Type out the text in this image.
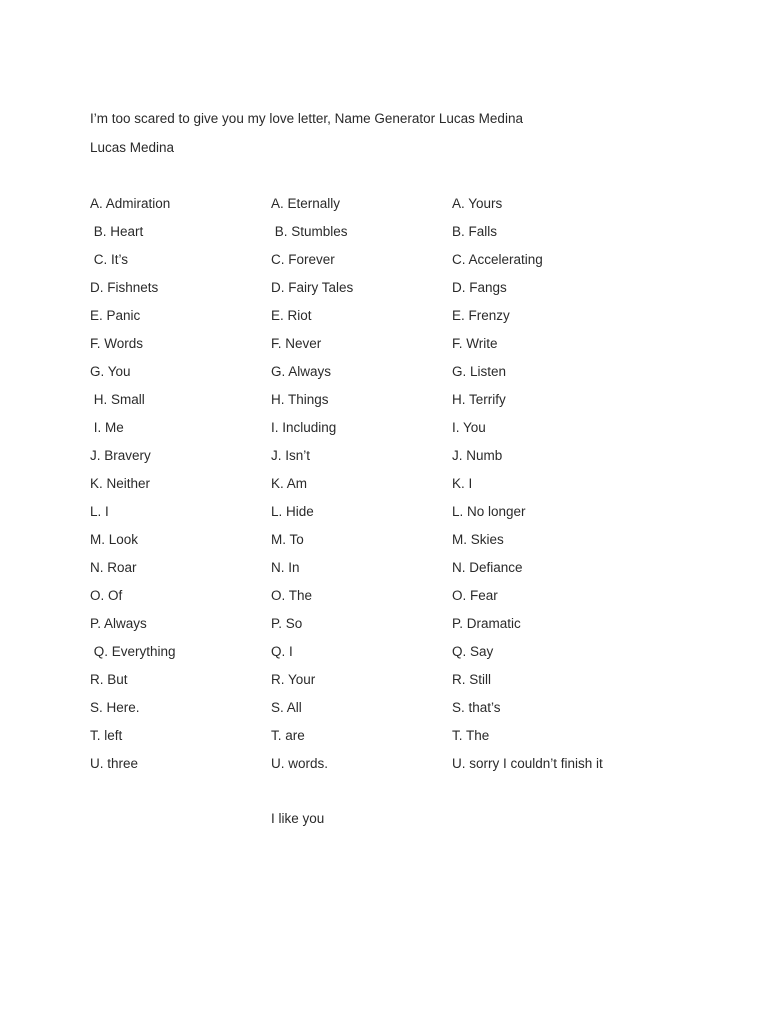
I’m too scared to give you my love letter, Name Generator Lucas Medina
Lucas Medina
A. Admiration
B. Heart
C. It’s
D. Fishnets
E. Panic
F. Words
G. You
H. Small
I. Me
J. Bravery
K. Neither
L. I
M. Look
N. Roar
O. Of
P. Always
Q. Everything
R. But
S. Here.
T. left
U. three
A. Eternally
B. Stumbles
C. Forever
D. Fairy Tales
E. Riot
F. Never
G. Always
H. Things
I. Including
J. Isn’t
K. Am
L. Hide
M. To
N. In
O. The
P. So
Q. I
R. Your
S. All
T. are
U. words.
A. Yours
B. Falls
C. Accelerating
D. Fangs
E. Frenzy
F. Write
G. Listen
H. Terrify
I. You
J. Numb
K. I
L. No longer
M. Skies
N. Defiance
O. Fear
P. Dramatic
Q. Say
R. Still
S. that’s
T. The
U. sorry I couldn’t finish it
I like you
